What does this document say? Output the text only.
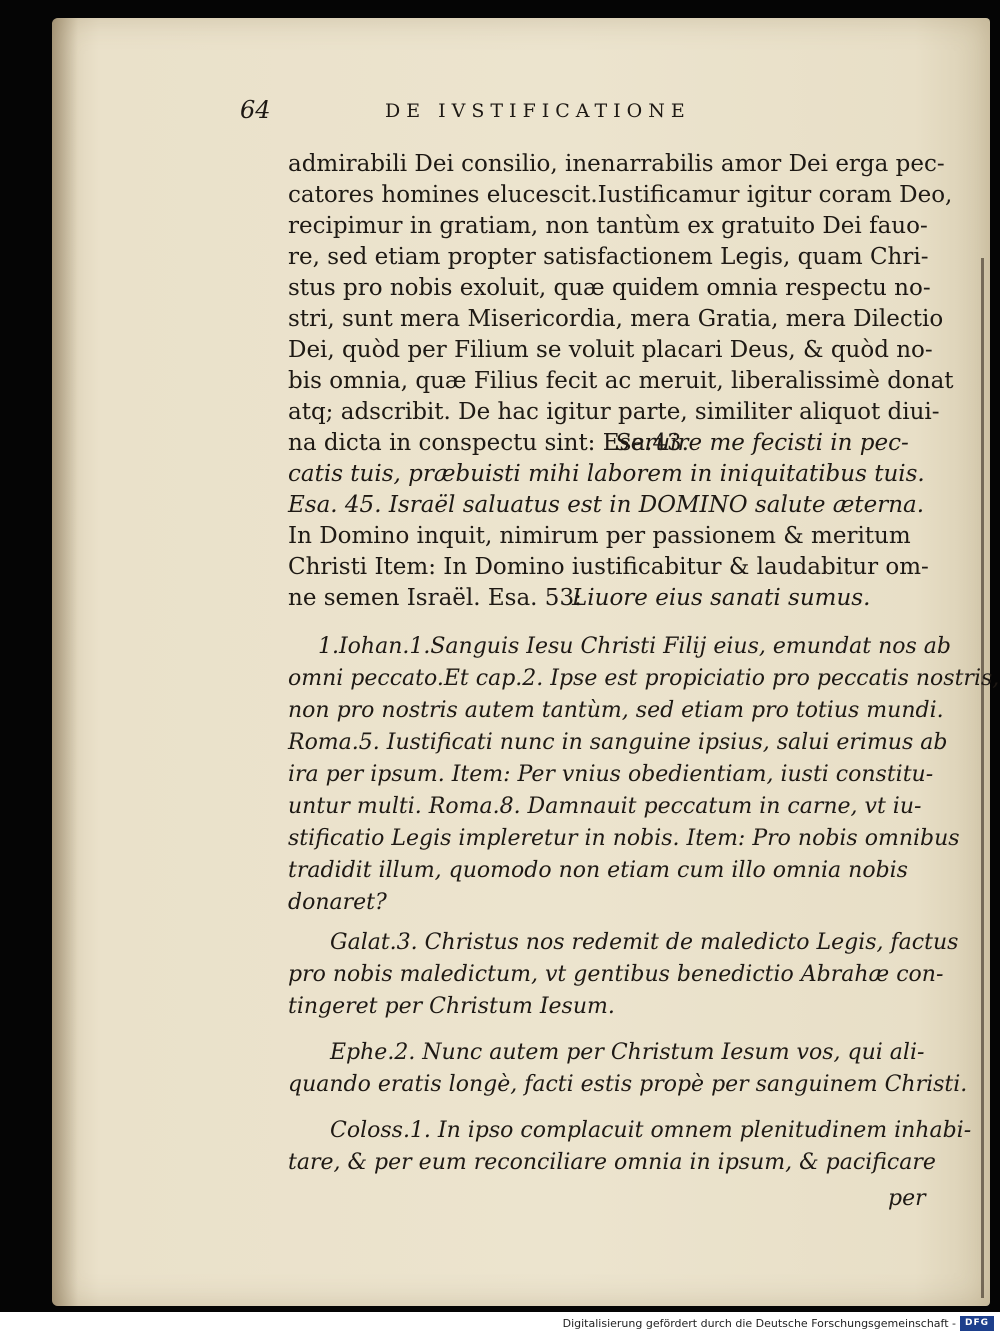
64	DE IVSTIFICATIONE
admirabili Dei consilio, inenarrabilis amor Dei erga pec-
catores homines elucescit.Iustificamur igitur coram Deo,
recipimur in gratiam, non tantùm ex gratuito Dei fauo-
re, sed etiam propter satisfactionem Legis, quam Chri-
stus pro nobis exoluit, quæ quidem omnia respectu no-
stri, sunt mera Misericordia, mera Gratia, mera Dilectio
Dei, quòd per Filium se voluit placari Deus, & quòd no-
bis omnia, quæ Filius fecit ac meruit, liberalissimè donat
atq; adscribit. De hac igitur parte, similiter aliquot diui-
na dicta in conspectu sint: Esa.43.
Seruire me fecisti in pec-
catis tuis, præbuisti mihi laborem in iniquitatibus tuis.
Esa. 45. Israël saluatus est in DOMINO salute æterna.
In Domino inquit, nimirum per passionem & meritum
Christi Item: In Domino iustificabitur & laudabitur om-
ne semen Israël. Esa. 53:
Liuore eius sanati sumus.
1.Iohan.1.Sanguis Iesu Christi Filij eius, emundat nos ab
omni peccato.Et cap.2. Ipse est propiciatio pro peccatis nostris,
non pro nostris autem tantùm, sed etiam pro totius mundi.
Roma.5. Iustificati nunc in sanguine ipsius, salui erimus ab
ira per ipsum. Item: Per vnius obedientiam, iusti constitu-
untur multi. Roma.8. Damnauit peccatum in carne, vt iu-
stificatio Legis impleretur in nobis. Item: Pro nobis omnibus
tradidit illum, quomodo non etiam cum illo omnia nobis
donaret?
Galat.3. Christus nos redemit de maledicto Legis, factus
pro nobis maledictum, vt gentibus benedictio Abrahæ con-
tingeret per Christum Iesum.
Ephe.2. Nunc autem per Christum Iesum vos, qui ali-
quando eratis longè, facti estis propè per sanguinem Christi.
Coloss.1. In ipso complacuit omnem plenitudinem inhabi-
tare, & per eum reconciliare omnia in ipsum, & pacificare
per
Digitalisierung gefördert durch die Deutsche Forschungsgemeinschaft - DFG
